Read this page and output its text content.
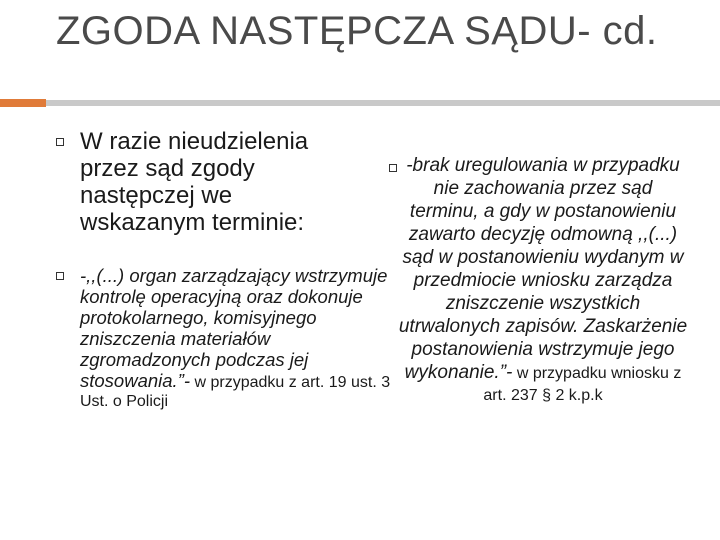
ZGODA NASTĘPCZA SĄDU- cd.
W razie nieudzielenia przez sąd zgody następczej we wskazanym terminie:
-,,(...) organ zarządzający wstrzymuje kontrolę operacyjną oraz dokonuje protokolarnego, komisyjnego zniszczenia materiałów zgromadzonych podczas jej stosowania.”- w przypadku z art. 19 ust. 3 Ust. o Policji
-brak uregulowania w przypadku nie zachowania przez sąd terminu, a gdy w postanowieniu zawarto decyzję odmowną ,,(...) sąd w postanowieniu wydanym w przedmiocie wniosku zarządza zniszczenie wszystkich utrwalonych zapisów. Zaskarżenie postanowienia wstrzymuje jego wykonanie.”- w przypadku wniosku z art. 237 § 2 k.p.k
